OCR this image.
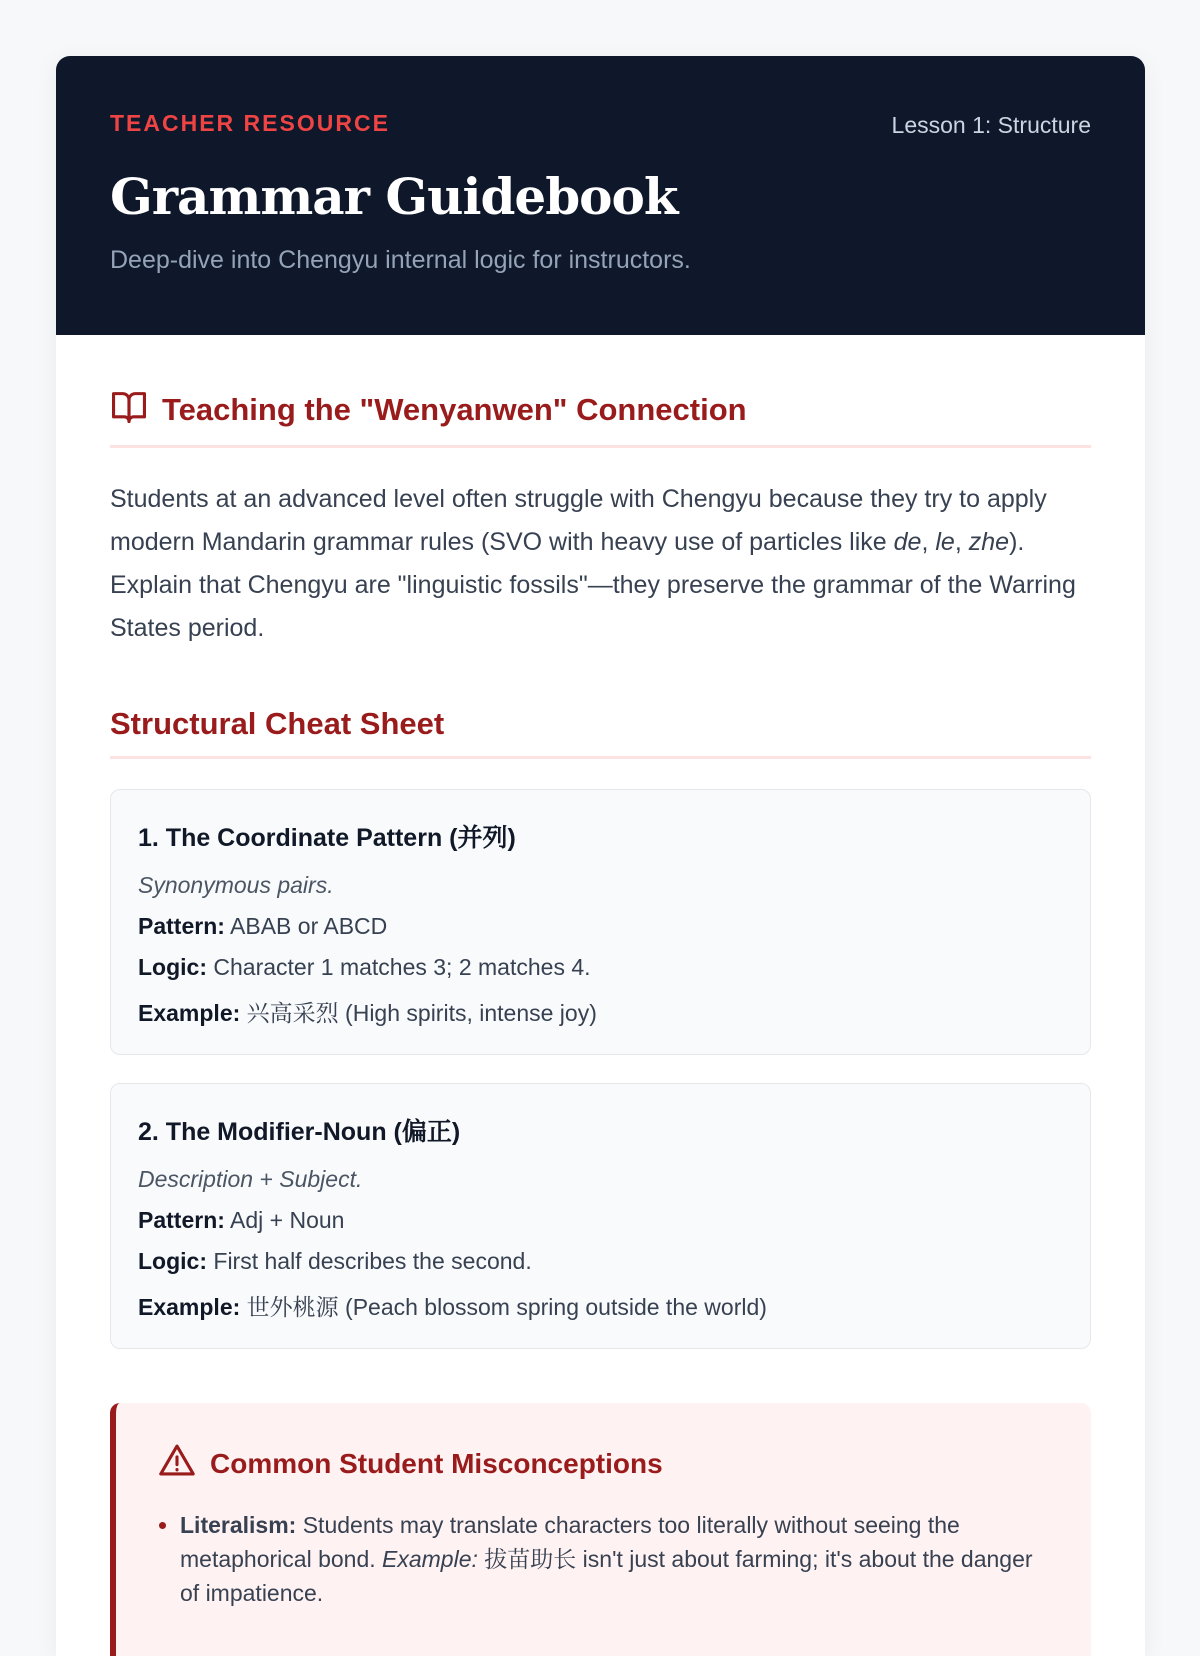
TEACHER RESOURCE	Lesson 1: Structure
Grammar Guidebook
Deep-dive into Chengyu internal logic for instructors.
Teaching the "Wenyanwen" Connection

Students at an advanced level often struggle with Chengyu because they try to apply modern Mandarin grammar rules (SVO with heavy use of particles like de, le, zhe). Explain that Chengyu are "linguistic fossils"—they preserve the grammar of the Warring States period.

Structural Cheat Sheet
1. The Coordinate Pattern (并列)
Synonymous pairs.
Pattern: ABAB or ABCD
Logic: Character 1 matches 3; 2 matches 4.
Example: 兴高采烈 (High spirits, intense joy)
2. The Modifier-Noun (偏正)
Description + Subject.
Pattern: Adj + Noun
Logic: First half describes the second.
Example: 世外桃源 (Peach blossom spring outside the world)
Common Student Misconceptions
• Literalism: Students may translate characters too literally without seeing the metaphorical bond. Example: 拔苗助长 isn't just about farming; it's about the danger of impatience.
